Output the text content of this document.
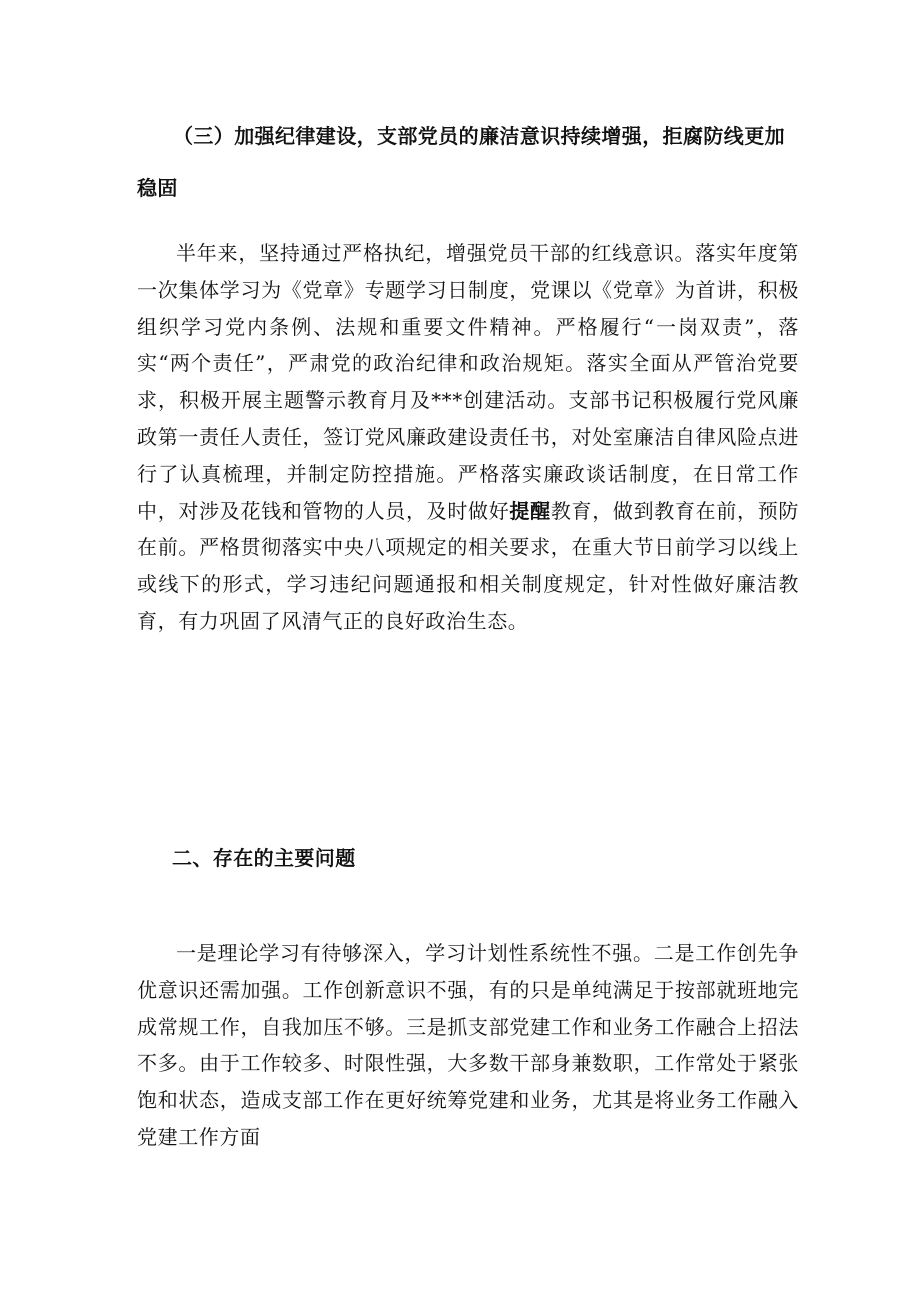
（三）加强纪律建设，支部党员的廉洁意识持续增强，拒腐防线更加稳固

半年来，坚持通过严格执纪，增强党员干部的红线意识。落实年度第一次集体学习为《党章》专题学习日制度，党课以《党章》为首讲，积极组织学习党内条例、法规和重要文件精神。严格履行“一岗双责”，落实“两个责任”，严肃党的政治纪律和政治规矩。落实全面从严管治党要求，积极开展主题警示教育月及***创建活动。支部书记积极履行党风廉政第一责任人责任，签订党风廉政建设责任书，对处室廉洁自律风险点进行了认真梳理，并制定防控措施。严格落实廉政谈话制度，在日常工作中，对涉及花钱和管物的人员，及时做好提醒教育，做到教育在前，预防在前。严格贯彻落实中央八项规定的相关要求，在重大节日前学习以线上或线下的形式，学习违纪问题通报和相关制度规定，针对性做好廉洁教育，有力巩固了风清气正的良好政治生态。

二、存在的主要问题

一是理论学习有待够深入，学习计划性系统性不强。二是工作创先争优意识还需加强。工作创新意识不强，有的只是单纯满足于按部就班地完成常规工作，自我加压不够。三是抓支部党建工作和业务工作融合上招法不多。由于工作较多、时限性强，大多数干部身兼数职，工作常处于紧张饱和状态，造成支部工作在更好统筹党建和业务，尤其是将业务工作融入党建工作方面
